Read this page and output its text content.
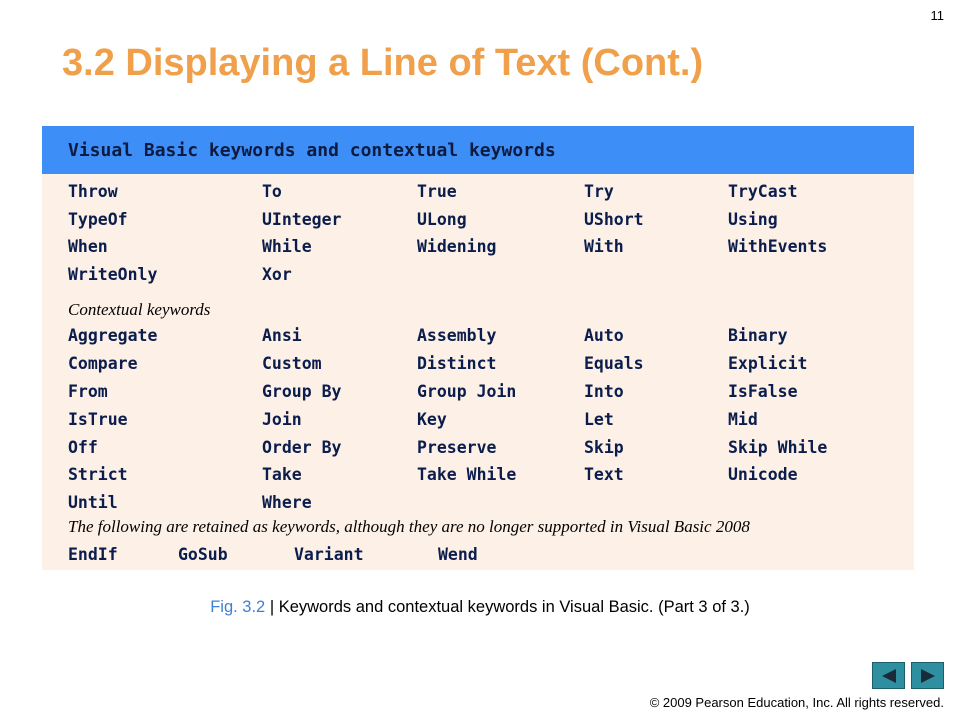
11
3.2 Displaying a Line of Text (Cont.)
Visual Basic keywords and contextual keywords
Throw	To	True	Try	TryCast
TypeOf	UInteger	ULong	UShort	Using
When	While	Widening	With	WithEvents
WriteOnly	Xor
Contextual keywords
Aggregate	Ansi	Assembly	Auto	Binary
Compare	Custom	Distinct	Equals	Explicit
From	Group By	Group Join	Into	IsFalse
IsTrue	Join	Key	Let	Mid
Off	Order By	Preserve	Skip	Skip While
Strict	Take	Take While	Text	Unicode
Until	Where
The following are retained as keywords, although they are no longer supported in Visual Basic 2008
EndIf	GoSub	Variant	Wend
Fig. 3.2 | Keywords and contextual keywords in Visual Basic. (Part 3 of 3.)
© 2009 Pearson Education, Inc. All rights reserved.
